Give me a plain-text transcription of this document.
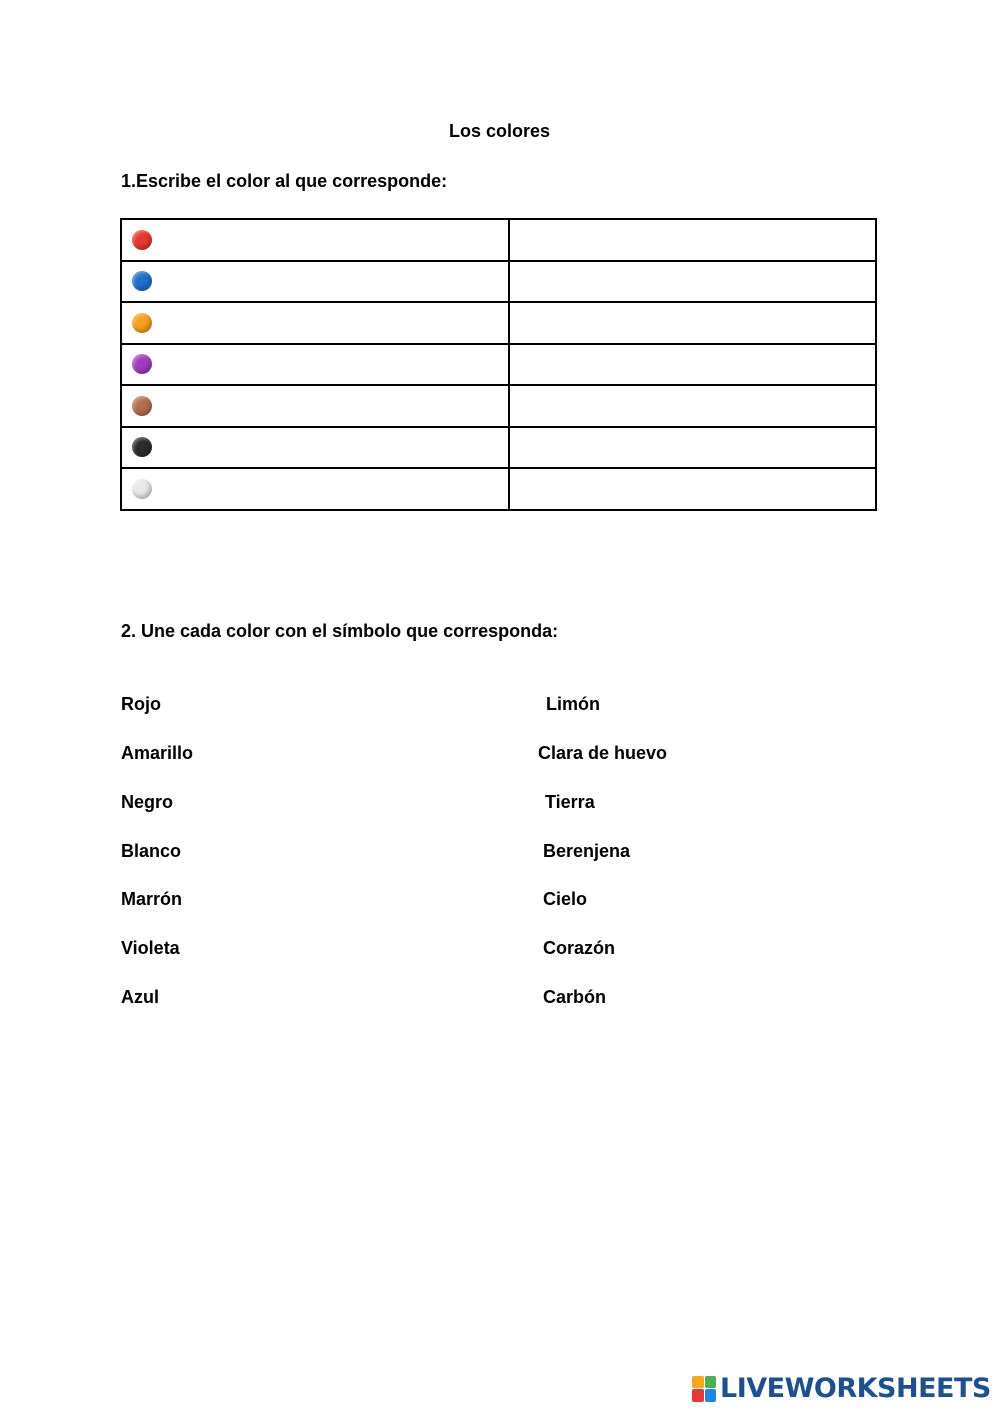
Los colores
1.Escribe el color al que corresponde:

2. Une cada color con el símbolo que corresponda:
Rojo
Amarillo
Negro
Blanco
Marrón
Violeta
Azul
Limón
Clara de huevo
Tierra
Berenjena
Cielo
Corazón
Carbón
LIVEWORKSHEETS
